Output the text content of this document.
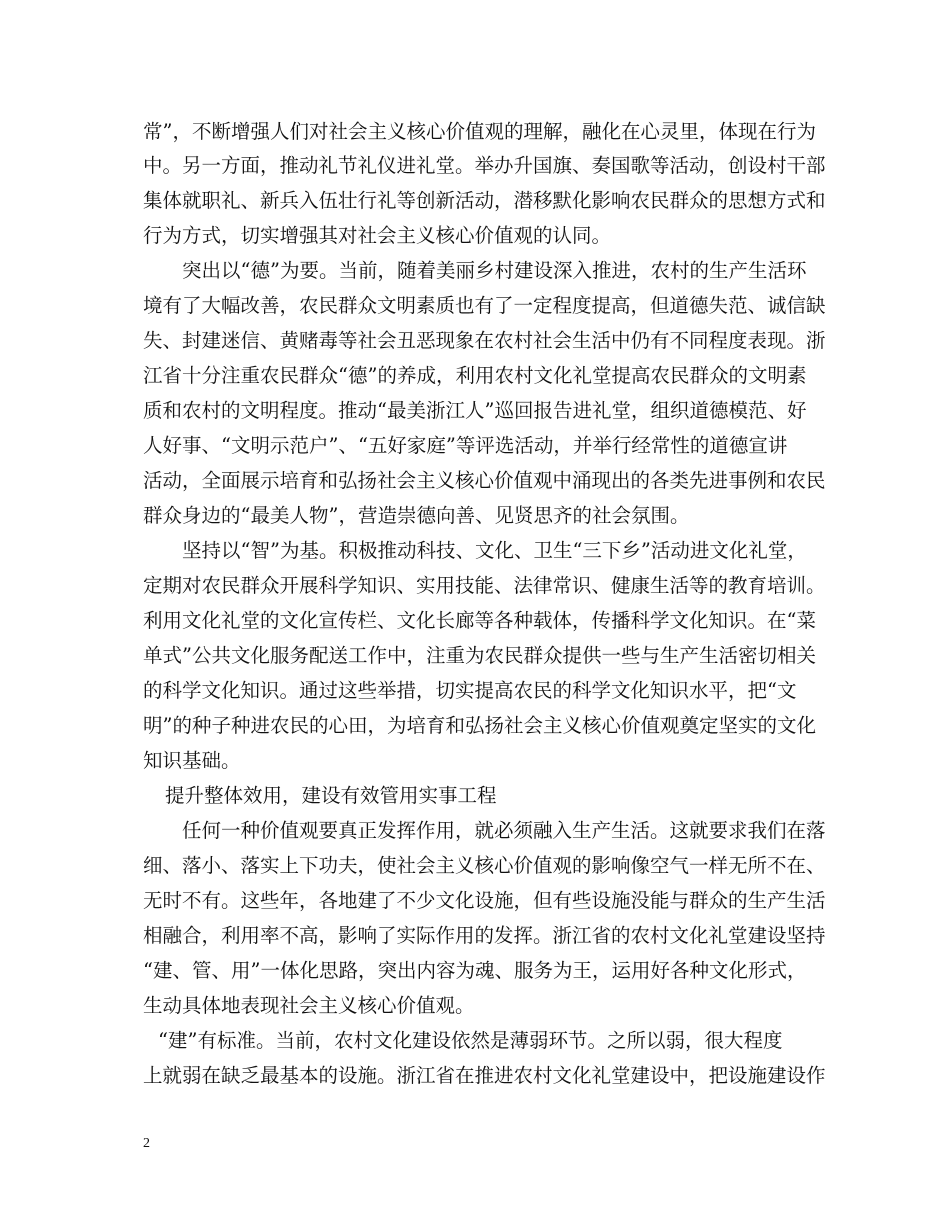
常”，不断增强人们对社会主义核心价值观的理解，融化在心灵里，体现在行为
中。另一方面，推动礼节礼仪进礼堂。举办升国旗、奏国歌等活动，创设村干部
集体就职礼、新兵入伍壮行礼等创新活动，潜移默化影响农民群众的思想方式和
行为方式，切实增强其对社会主义核心价值观的认同。
突出以“德”为要。当前，随着美丽乡村建设深入推进，农村的生产生活环
境有了大幅改善，农民群众文明素质也有了一定程度提高，但道德失范、诚信缺
失、封建迷信、黄赌毒等社会丑恶现象在农村社会生活中仍有不同程度表现。浙
江省十分注重农民群众“德”的养成，利用农村文化礼堂提高农民群众的文明素
质和农村的文明程度。推动“最美浙江人”巡回报告进礼堂，组织道德模范、好
人好事、“文明示范户”、“五好家庭”等评选活动，并举行经常性的道德宣讲
活动，全面展示培育和弘扬社会主义核心价值观中涌现出的各类先进事例和农民
群众身边的“最美人物”，营造崇德向善、见贤思齐的社会氛围。
坚持以“智”为基。积极推动科技、文化、卫生“三下乡”活动进文化礼堂，
定期对农民群众开展科学知识、实用技能、法律常识、健康生活等的教育培训。
利用文化礼堂的文化宣传栏、文化长廊等各种载体，传播科学文化知识。在“菜
单式”公共文化服务配送工作中，注重为农民群众提供一些与生产生活密切相关
的科学文化知识。通过这些举措，切实提高农民的科学文化知识水平，把“文
明”的种子种进农民的心田，为培育和弘扬社会主义核心价值观奠定坚实的文化
知识基础。
提升整体效用，建设有效管用实事工程
任何一种价值观要真正发挥作用，就必须融入生产生活。这就要求我们在落
细、落小、落实上下功夫，使社会主义核心价值观的影响像空气一样无所不在、
无时不有。这些年，各地建了不少文化设施，但有些设施没能与群众的生产生活
相融合，利用率不高，影响了实际作用的发挥。浙江省的农村文化礼堂建设坚持
“建、管、用”一体化思路，突出内容为魂、服务为王，运用好各种文化形式，
生动具体地表现社会主义核心价值观。
“建”有标准。当前，农村文化建设依然是薄弱环节。之所以弱，很大程度
上就弱在缺乏最基本的设施。浙江省在推进农村文化礼堂建设中，把设施建设作
2
